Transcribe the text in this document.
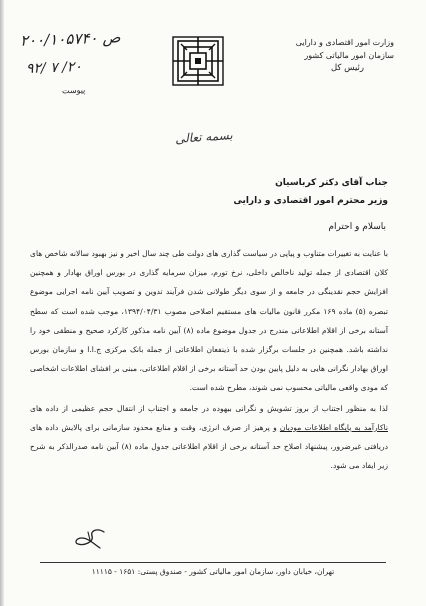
۲۰۰/۱۰۵۷۴۰ ص
۹۲/ ۷ /۲۰
پیوست
وزارت امور اقتصادی و دارایی
سازمان امور مالیاتی کشور
رئیس کل
بسمه تعالی
جناب آقای دکتر کرباسیان
وزیر محترم امور اقتصادی و دارایی
باسلام و احترام

با عنایت به تغییرات متناوب و پیاپی در سیاست گذاری های دولت طی چند سال اخیر و نیز بهبود سالانه شاخص های کلان اقتصادی از جمله تولید ناخالص داخلی، نرخ تورم، میزان سرمایه گذاری در بورس اوراق بهادار و همچنین افزایش حجم نقدینگی در جامعه و از سوی دیگر طولانی شدن فرآیند تدوین و تصویب آیین نامه اجرایی موضوع تبصره (۵) ماده ۱۶۹ مکرر قانون مالیات های مستقیم اصلاحی مصوب ۱۳۹۴/۰۴/۳۱، موجب شده است که سطح آستانه برخی از اقلام اطلاعاتی مندرج در جدول موضوع ماده (۸) آیین نامه مذکور کارکرد صحیح و منطقی خود را نداشته باشد. همچنین در جلسات برگزار شده با ذینفعان اطلاعاتی از جمله بانک مرکزی ج.ا.ا و سازمان بورس اوراق بهادار نگرانی هایی به دلیل پایین بودن حد آستانه برخی از اقلام اطلاعاتی، مبنی بر افشای اطلاعات اشخاصی که مودی واقعی مالیاتی محسوب نمی شوند، مطرح شده است.

لذا به منظور اجتناب از بروز تشویش و نگرانی بیهوده در جامعه و اجتناب از انتقال حجم عظیمی از داده های ناکارآمد به پایگاه اطلاعات مودیان و پرهیز از صرف انرژی، وقت و منابع محدود سازمانی برای پالایش داده های دریافتی غیرضرور، پیشنهاد اصلاح حد آستانه برخی از اقلام اطلاعاتی جدول ماده (۸) آیین نامه صدرالذکر به شرح زیر ایفاد می شود.

تهران، خیابان داور، سازمان امور مالیاتی کشور - صندوق پستی: ۱۶۵۱ - ۱۱۱۱۵
